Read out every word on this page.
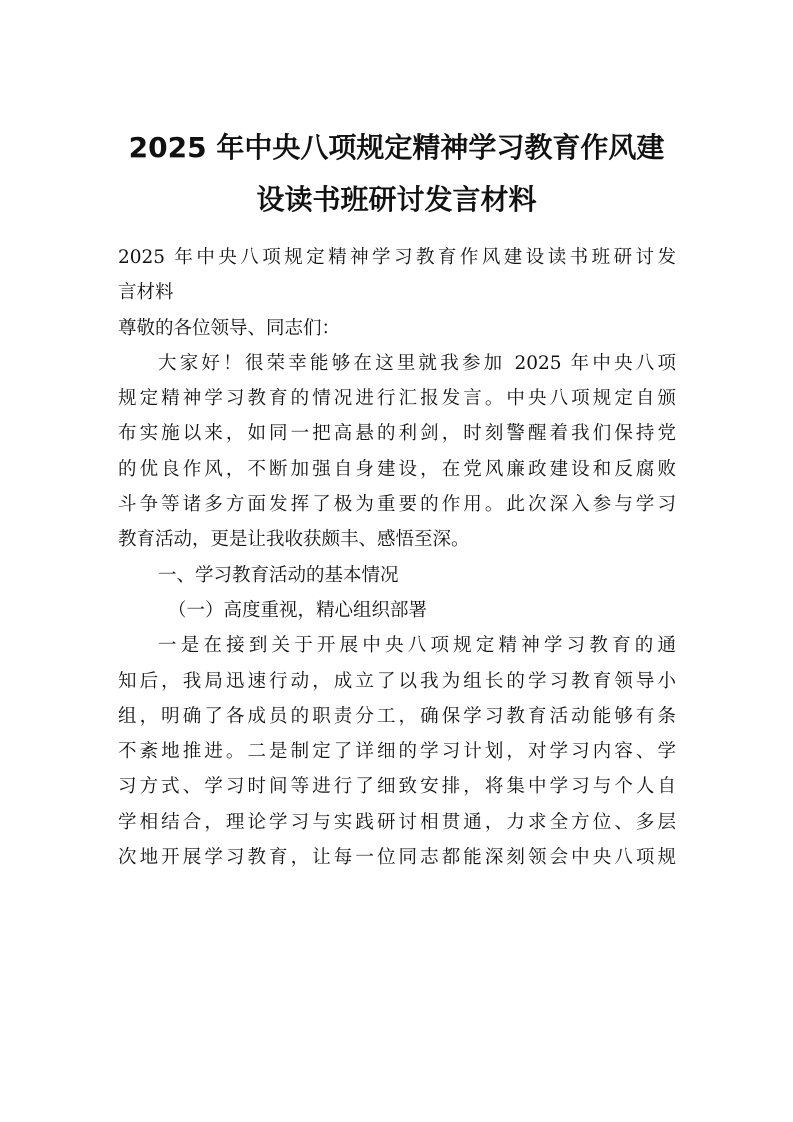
2025 年中央八项规定精神学习教育作风建
设读书班研讨发言材料
2025 年中央八项规定精神学习教育作风建设读书班研讨发
言材料
尊敬的各位领导、同志们：
大家好！很荣幸能够在这里就我参加 2025 年中央八项
规定精神学习教育的情况进行汇报发言。中央八项规定自颁
布实施以来，如同一把高悬的利剑，时刻警醒着我们保持党
的优良作风，不断加强自身建设，在党风廉政建设和反腐败
斗争等诸多方面发挥了极为重要的作用。此次深入参与学习
教育活动，更是让我收获颇丰、感悟至深。
一、学习教育活动的基本情况
（一）高度重视，精心组织部署
一是在接到关于开展中央八项规定精神学习教育的通
知后，我局迅速行动，成立了以我为组长的学习教育领导小
组，明确了各成员的职责分工，确保学习教育活动能够有条
不紊地推进。二是制定了详细的学习计划，对学习内容、学
习方式、学习时间等进行了细致安排，将集中学习与个人自
学相结合，理论学习与实践研讨相贯通，力求全方位、多层
次地开展学习教育，让每一位同志都能深刻领会中央八项规
